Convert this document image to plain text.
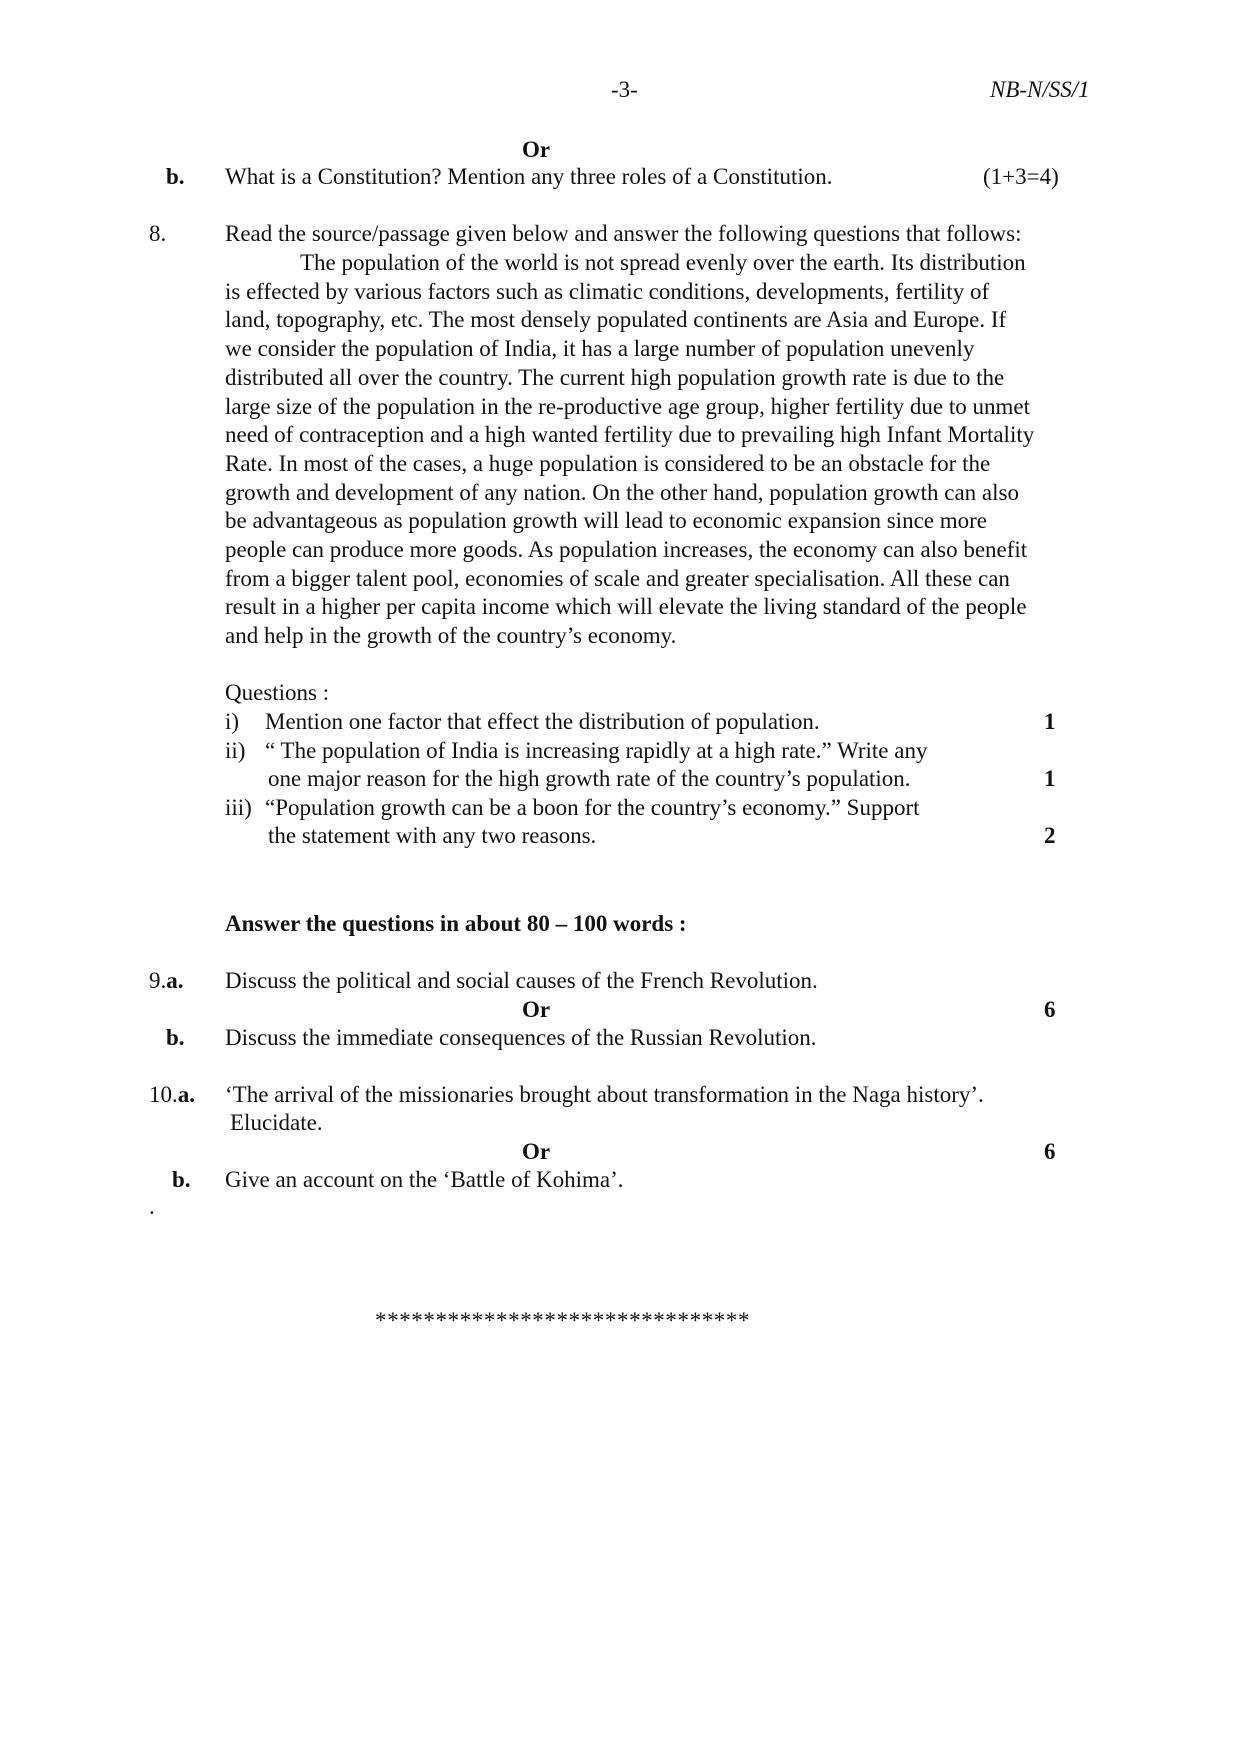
-3-	NB-N/SS/1
Or
b. What is a Constitution? Mention any three roles of a Constitution.	(1+3=4)
8.	Read the source/passage given below and answer the following questions that follows:
The population of the world is not spread evenly over the earth. Its distribution
is effected by various factors such as climatic conditions, developments, fertility of
land, topography, etc. The most densely populated continents are Asia and Europe. If
we consider the population of India, it has a large number of population unevenly
distributed all over the country. The current high population growth rate is due to the
large size of the population in the re-productive age group, higher fertility due to unmet
need of contraception and a high wanted fertility due to prevailing high Infant Mortality
Rate. In most of the cases, a huge population is considered to be an obstacle for the
growth and development of any nation. On the other hand, population growth can also
be advantageous as population growth will lead to economic expansion since more
people can produce more goods. As population increases, the economy can also benefit
from a bigger talent pool, economies of scale and greater specialisation. All these can
result in a higher per capita income which will elevate the living standard of the people
and help in the growth of the country’s economy.
Questions :
i) Mention one factor that effect the distribution of population.	1
ii) “ The population of India is increasing rapidly at a high rate.” Write any
one major reason for the high growth rate of the country’s population.	1
iii) “Population growth can be a boon for the country’s economy.” Support
the statement with any two reasons.	2
Answer the questions in about 80 – 100 words :
9.a. Discuss the political and social causes of the French Revolution.
Or	6
b. Discuss the immediate consequences of the Russian Revolution.
10.a. ‘The arrival of the missionaries brought about transformation in the Naga history’.
Elucidate.
Or	6
b. Give an account on the ‘Battle of Kohima’.
.
*******************************
